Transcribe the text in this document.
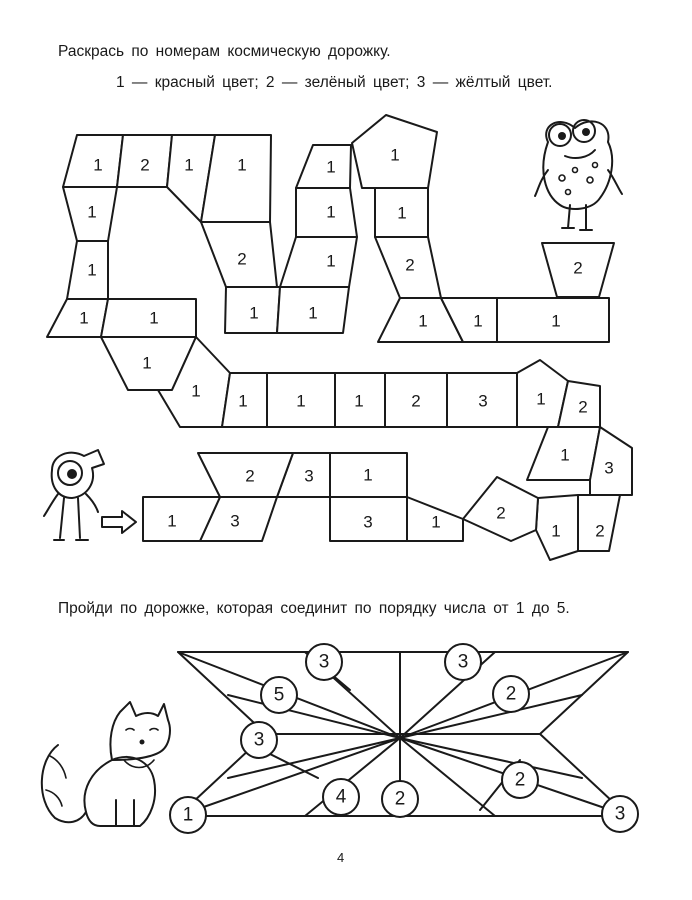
Раскрась по номерам космическую дорожку.
1 — красный цвет; 2 — зелёный цвет; 3 — жёлтый цвет.
1 2 1	1
1
1
1	1
1
1
2
1	1
1
1
1
1
1
2
1	1	1
2
1	1	1	2	3	1 2
1
3
2
1
2
1
3
1
3
2
3
1
3
5
3
4	2
1
3
2
2
3
Пройди по дорожке, которая соединит по порядку числа от 1 до 5.
4
